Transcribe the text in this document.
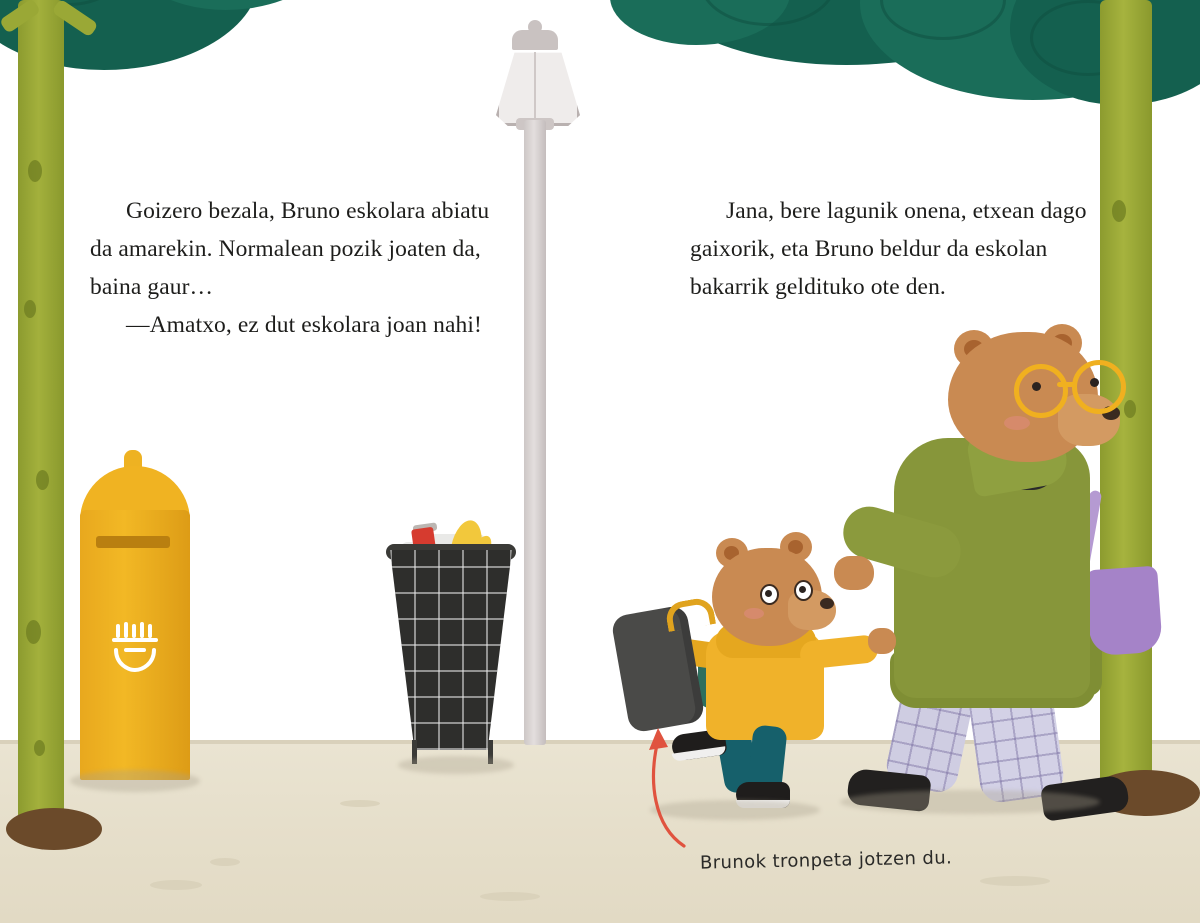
Goizero bezala, Bruno eskolara abiatu da amarekin. Normalean pozik joaten da, baina gaur…

—Amatxo, ez dut eskolara joan nahi!

Jana, bere lagunik onena, etxean dago gaixorik, eta Bruno beldur da eskolan bakarrik geldituko ote den.

Brunok tronpeta jotzen du.
